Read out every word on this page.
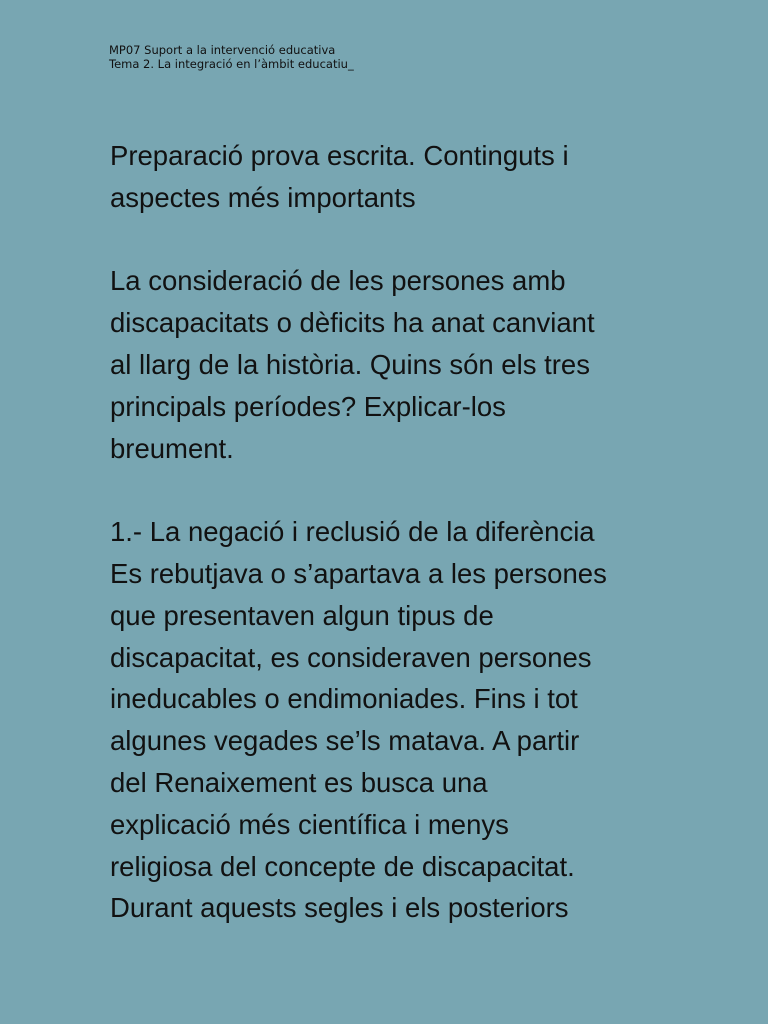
MP07 Suport a la intervenció educativa
Tema 2. La integració en l’àmbit educatiu_
Preparació prova escrita. Continguts i
aspectes més importants
La consideració de les persones amb
discapacitats o dèficits ha anat canviant
al llarg de la història. Quins són els tres
principals períodes? Explicar-los
breument.
1.- La negació i reclusió de la diferència
Es rebutjava o s’apartava a les persones
que presentaven algun tipus de
discapacitat, es consideraven persones
ineducables o endimoniades. Fins i tot
algunes vegades se’ls matava. A partir
del Renaixement es busca una
explicació més científica i menys
religiosa del concepte de discapacitat.
Durant aquests segles i els posteriors
